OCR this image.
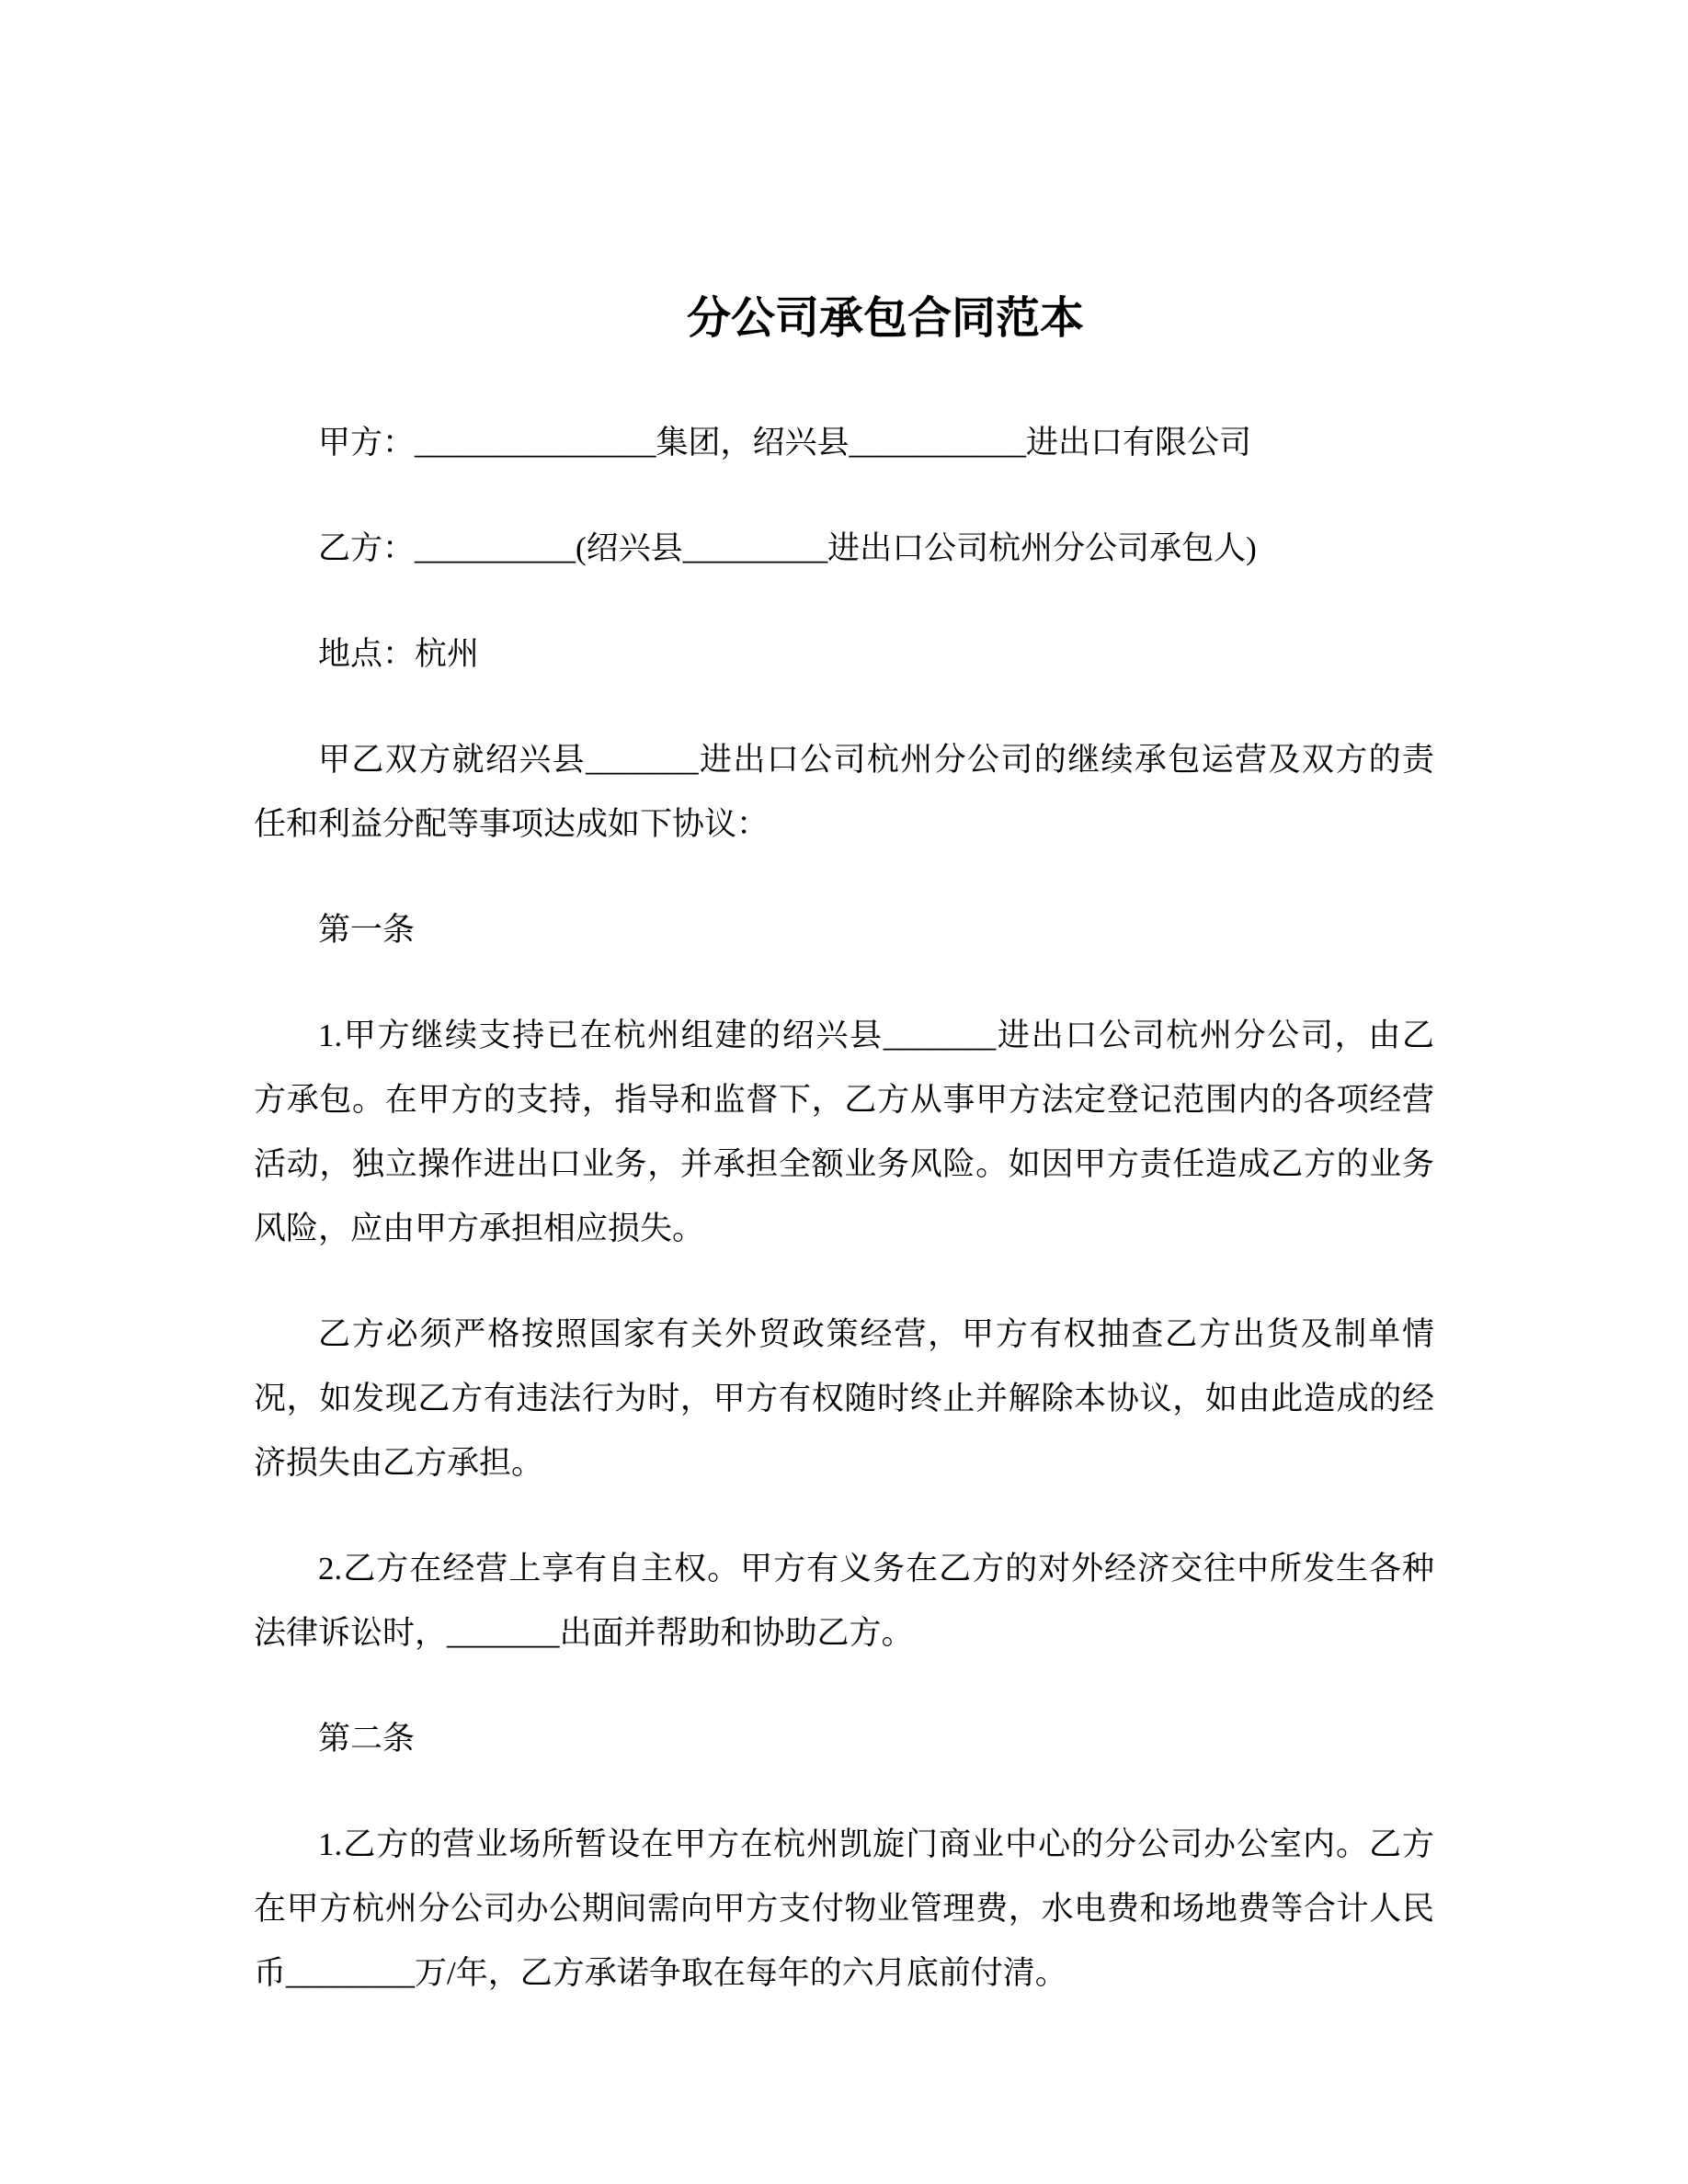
分公司承包合同范本
甲方：_______________集团，绍兴县___________进出口有限公司
乙方：__________(绍兴县_________进出口公司杭州分公司承包人)
地点：杭州
甲乙双方就绍兴县_______进出口公司杭州分公司的继续承包运营及双方的责
任和利益分配等事项达成如下协议：
第一条
1.甲方继续支持已在杭州组建的绍兴县_______进出口公司杭州分公司，由乙
方承包。在甲方的支持，指导和监督下，乙方从事甲方法定登记范围内的各项经营
活动，独立操作进出口业务，并承担全额业务风险。如因甲方责任造成乙方的业务
风险，应由甲方承担相应损失。
乙方必须严格按照国家有关外贸政策经营，甲方有权抽查乙方出货及制单情
况，如发现乙方有违法行为时，甲方有权随时终止并解除本协议，如由此造成的经
济损失由乙方承担。
2.乙方在经营上享有自主权。甲方有义务在乙方的对外经济交往中所发生各种
法律诉讼时，_______出面并帮助和协助乙方。
第二条
1.乙方的营业场所暂设在甲方在杭州凯旋门商业中心的分公司办公室内。乙方
在甲方杭州分公司办公期间需向甲方支付物业管理费，水电费和场地费等合计人民
币________万/年，乙方承诺争取在每年的六月底前付清。
